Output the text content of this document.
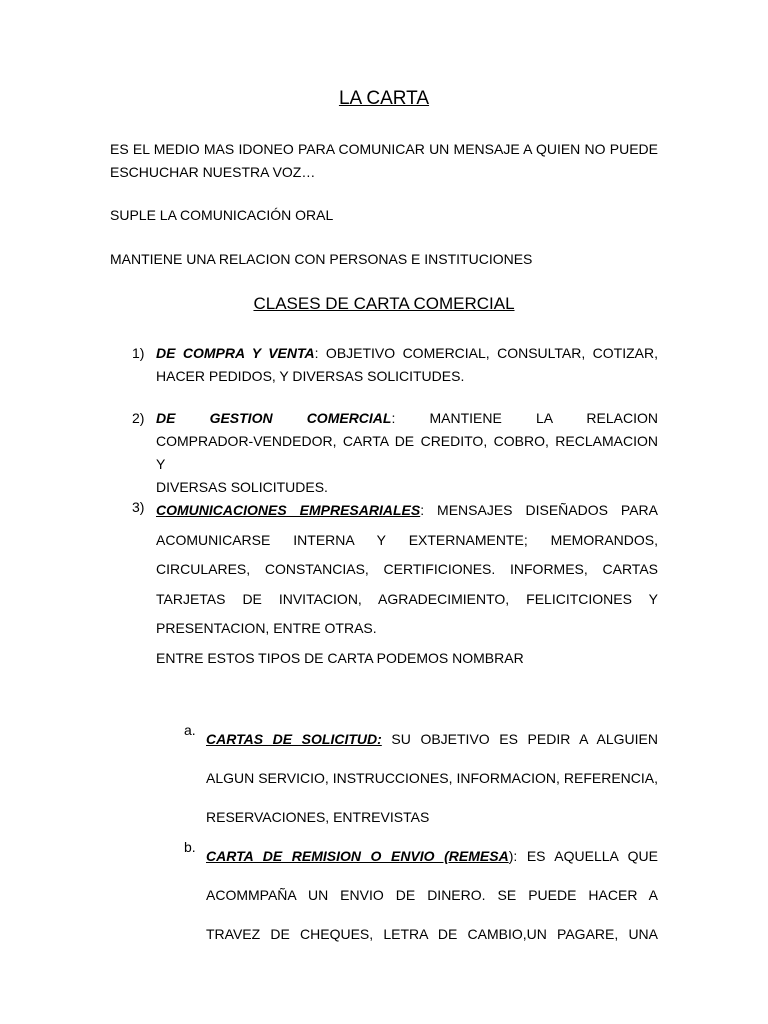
LA CARTA

ES EL MEDIO MAS IDONEO PARA COMUNICAR UN MENSAJE A QUIEN NO PUEDE

ESCHUCHAR NUESTRA VOZ…

SUPLE LA COMUNICACIÓN ORAL

MANTIENE UNA RELACION CON PERSONAS E INSTITUCIONES

CLASES DE CARTA COMERCIAL
1) DE COMPRA Y VENTA: OBJETIVO COMERCIAL, CONSULTAR, COTIZAR,
HACER PEDIDOS, Y DIVERSAS SOLICITUDES.
2) DE GESTION COMERCIAL: MANTIENE LA RELACION
COMPRADOR-VENDEDOR, CARTA DE CREDITO, COBRO, RECLAMACION Y
DIVERSAS SOLICITUDES.
3) COMUNICACIONES EMPRESARIALES: MENSAJES DISEÑADOS PARA
ACOMUNICARSE INTERNA Y EXTERNAMENTE; MEMORANDOS,
CIRCULARES, CONSTANCIAS, CERTIFICIONES. INFORMES, CARTAS
TARJETAS DE INVITACION, AGRADECIMIENTO, FELICITCIONES Y
PRESENTACION, ENTRE OTRAS.
ENTRE ESTOS TIPOS DE CARTA PODEMOS NOMBRAR
a.
CARTAS DE SOLICITUD: SU OBJETIVO ES PEDIR A ALGUIEN
ALGUN SERVICIO, INSTRUCCIONES, INFORMACION, REFERENCIA,
RESERVACIONES, ENTREVISTAS
b.
CARTA DE REMISION O ENVIO (REMESA): ES AQUELLA QUE
ACOMMPAÑA UN ENVIO DE DINERO. SE PUEDE HACER A
TRAVEZ DE CHEQUES, LETRA DE CAMBIO,UN PAGARE, UNA
